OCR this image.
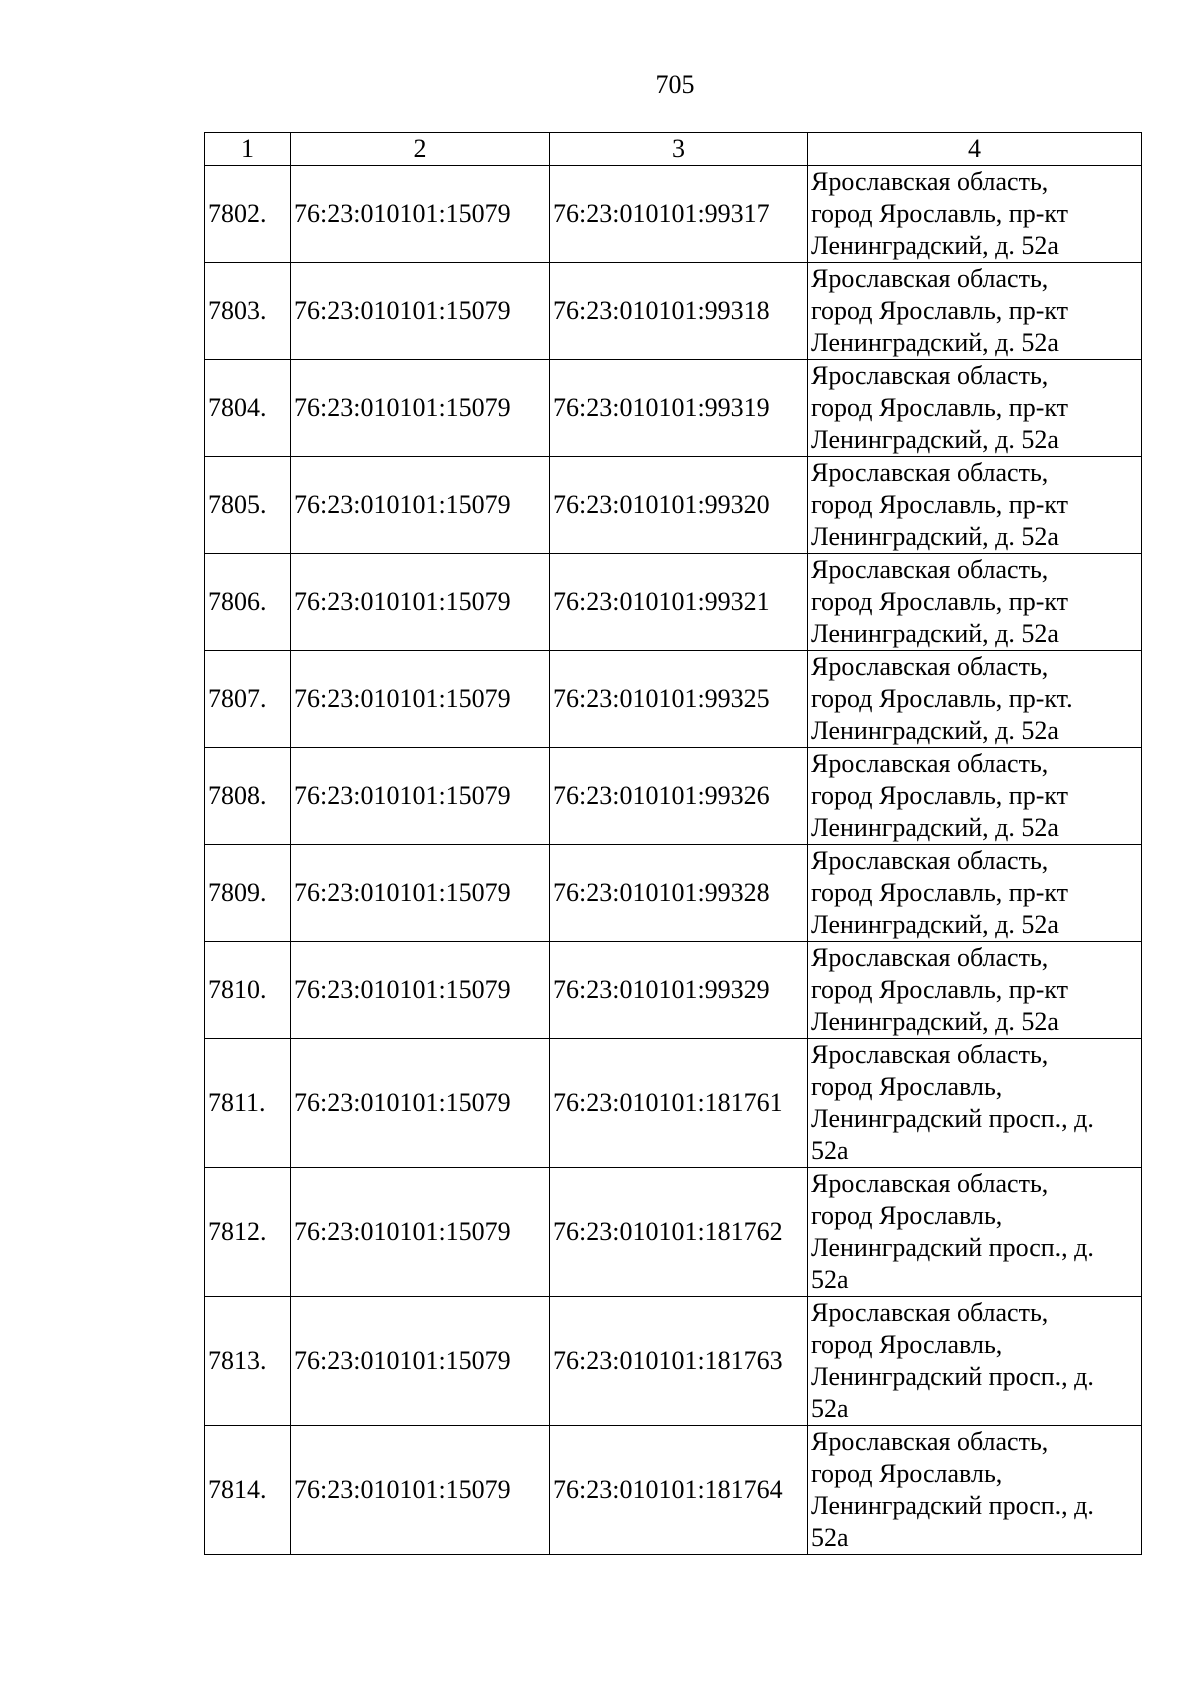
705
1	2	3	4
7802.	76:23:010101:15079	76:23:010101:99317	Ярославская область,
город Ярославль, пр-кт
Ленинградский, д. 52а

7803.	76:23:010101:15079	76:23:010101:99318	Ярославская область,
город Ярославль, пр-кт
Ленинградский, д. 52а

7804.	76:23:010101:15079	76:23:010101:99319	Ярославская область,
город Ярославль, пр-кт
Ленинградский, д. 52а

7805.	76:23:010101:15079	76:23:010101:99320	Ярославская область,
город Ярославль, пр-кт
Ленинградский, д. 52а

7806.	76:23:010101:15079	76:23:010101:99321	Ярославская область,
город Ярославль, пр-кт
Ленинградский, д. 52а

7807.	76:23:010101:15079	76:23:010101:99325	Ярославская область,
город Ярославль, пр-кт.
Ленинградский, д. 52а

7808.	76:23:010101:15079	76:23:010101:99326	Ярославская область,
город Ярославль, пр-кт
Ленинградский, д. 52а

7809.	76:23:010101:15079	76:23:010101:99328	Ярославская область,
город Ярославль, пр-кт
Ленинградский, д. 52а

7810.	76:23:010101:15079	76:23:010101:99329	Ярославская область,
город Ярославль, пр-кт
Ленинградский, д. 52а

7811.	76:23:010101:15079	76:23:010101:181761	Ярославская область,
город Ярославль,
Ленинградский просп., д.
52а

7812.	76:23:010101:15079	76:23:010101:181762	Ярославская область,
город Ярославль,
Ленинградский просп., д.
52а

7813.	76:23:010101:15079	76:23:010101:181763	Ярославская область,
город Ярославль,
Ленинградский просп., д.
52а

7814.	76:23:010101:15079	76:23:010101:181764	Ярославская область,
город Ярославль,
Ленинградский просп., д.
52а
